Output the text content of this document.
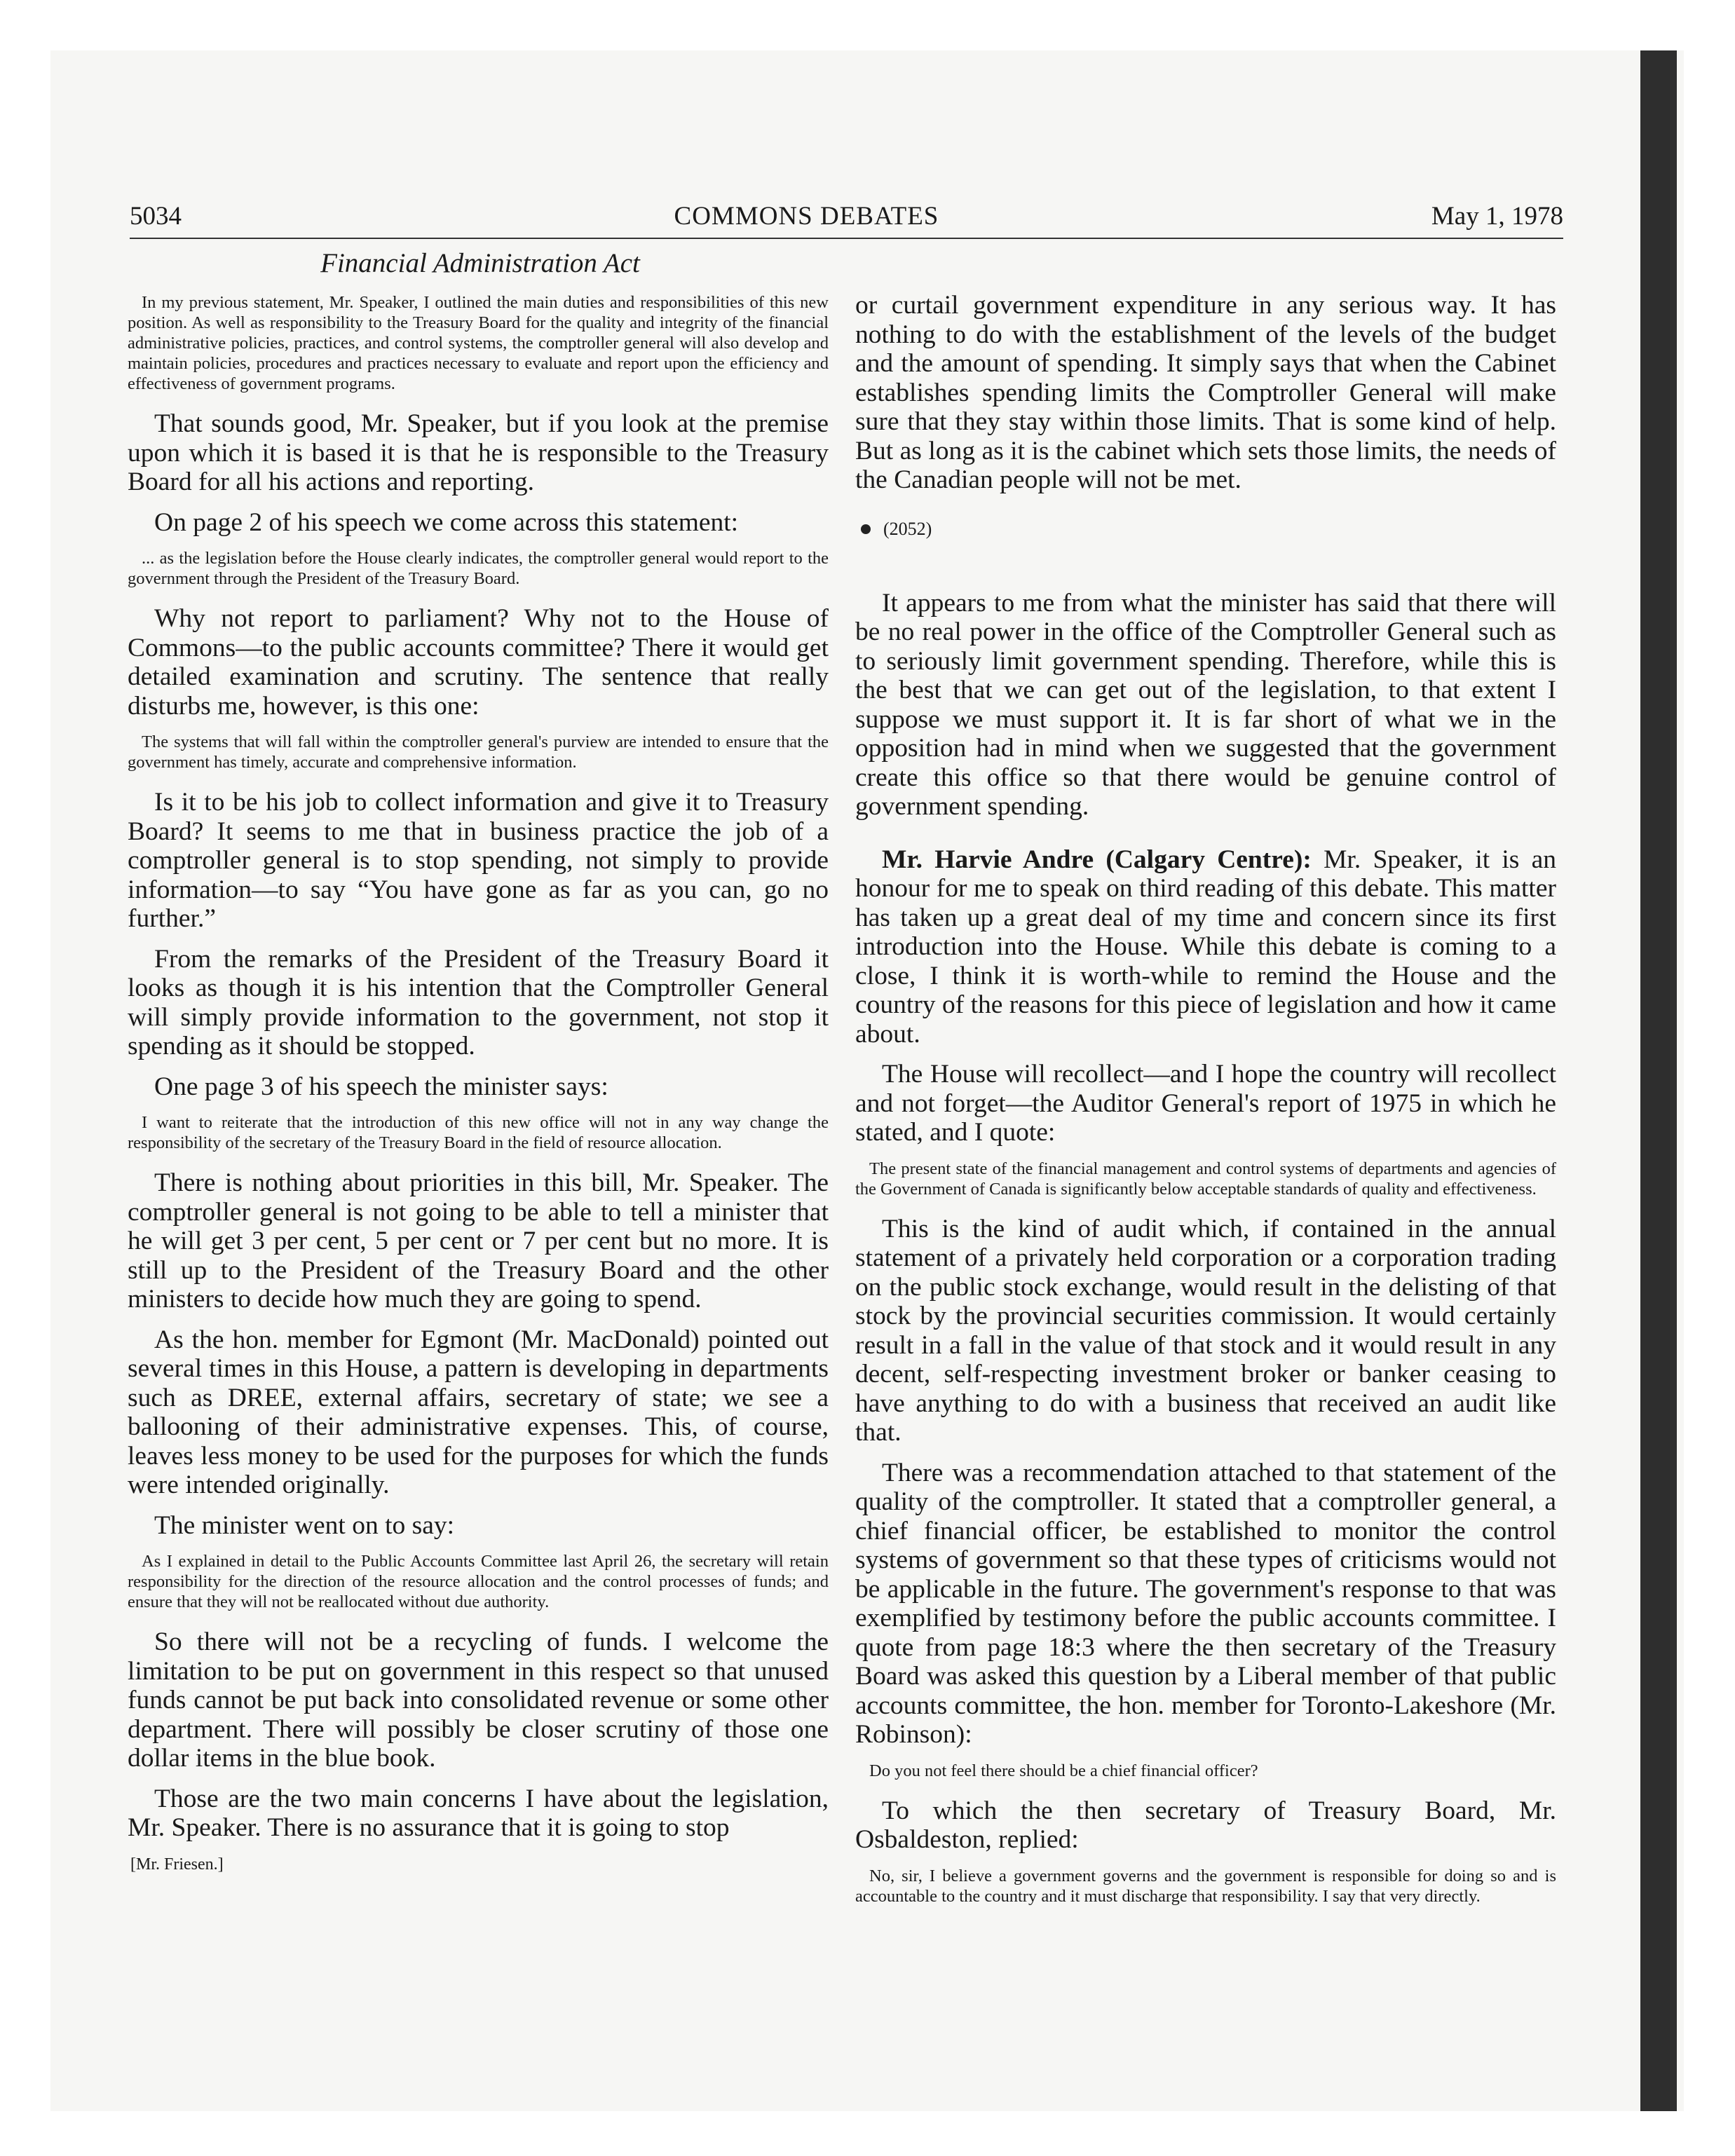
5034	COMMONS DEBATES	May 1, 1978
Financial Administration Act

In my previous statement, Mr. Speaker, I outlined the main duties and responsibilities of this new position. As well as responsibility to the Treasury Board for the quality and integrity of the financial administrative policies, practices, and control systems, the comptroller general will also develop and maintain policies, procedures and practices necessary to evaluate and report upon the efficiency and effectiveness of government programs.

That sounds good, Mr. Speaker, but if you look at the premise upon which it is based it is that he is responsible to the Treasury Board for all his actions and reporting.

On page 2 of his speech we come across this statement:

... as the legislation before the House clearly indicates, the comptroller general would report to the government through the President of the Treasury Board.

Why not report to parliament? Why not to the House of Commons—to the public accounts committee? There it would get detailed examination and scrutiny. The sentence that really disturbs me, however, is this one:

The systems that will fall within the comptroller general's purview are intended to ensure that the government has timely, accurate and comprehensive information.

Is it to be his job to collect information and give it to Treasury Board? It seems to me that in business practice the job of a comptroller general is to stop spending, not simply to provide information—to say “You have gone as far as you can, go no further.”

From the remarks of the President of the Treasury Board it looks as though it is his intention that the Comptroller General will simply provide information to the government, not stop it spending as it should be stopped.

One page 3 of his speech the minister says:

I want to reiterate that the introduction of this new office will not in any way change the responsibility of the secretary of the Treasury Board in the field of resource allocation.

There is nothing about priorities in this bill, Mr. Speaker. The comptroller general is not going to be able to tell a minister that he will get 3 per cent, 5 per cent or 7 per cent but no more. It is still up to the President of the Treasury Board and the other ministers to decide how much they are going to spend.

As the hon. member for Egmont (Mr. MacDonald) pointed out several times in this House, a pattern is developing in departments such as DREE, external affairs, secretary of state; we see a ballooning of their administrative expenses. This, of course, leaves less money to be used for the purposes for which the funds were intended originally.

The minister went on to say:

As I explained in detail to the Public Accounts Committee last April 26, the secretary will retain responsibility for the direction of the resource allocation and the control processes of funds; and ensure that they will not be reallocated without due authority.

So there will not be a recycling of funds. I welcome the limitation to be put on government in this respect so that unused funds cannot be put back into consolidated revenue or some other department. There will possibly be closer scrutiny of those one dollar items in the blue book.

Those are the two main concerns I have about the legislation, Mr. Speaker. There is no assurance that it is going to stop

[Mr. Friesen.]

or curtail government expenditure in any serious way. It has nothing to do with the establishment of the levels of the budget and the amount of spending. It simply says that when the Cabinet establishes spending limits the Comptroller General will make sure that they stay within those limits. That is some kind of help. But as long as it is the cabinet which sets those limits, the needs of the Canadian people will not be met.

(2052)

It appears to me from what the minister has said that there will be no real power in the office of the Comptroller General such as to seriously limit government spending. Therefore, while this is the best that we can get out of the legislation, to that extent I suppose we must support it. It is far short of what we in the opposition had in mind when we suggested that the government create this office so that there would be genuine control of government spending.

Mr. Harvie Andre (Calgary Centre): Mr. Speaker, it is an honour for me to speak on third reading of this debate. This matter has taken up a great deal of my time and concern since its first introduction into the House. While this debate is coming to a close, I think it is worth-while to remind the House and the country of the reasons for this piece of legislation and how it came about.

The House will recollect—and I hope the country will recollect and not forget—the Auditor General's report of 1975 in which he stated, and I quote:

The present state of the financial management and control systems of departments and agencies of the Government of Canada is significantly below acceptable standards of quality and effectiveness.

This is the kind of audit which, if contained in the annual statement of a privately held corporation or a corporation trading on the public stock exchange, would result in the delisting of that stock by the provincial securities commission. It would certainly result in a fall in the value of that stock and it would result in any decent, self-respecting investment broker or banker ceasing to have anything to do with a business that received an audit like that.

There was a recommendation attached to that statement of the quality of the comptroller. It stated that a comptroller general, a chief financial officer, be established to monitor the control systems of government so that these types of criticisms would not be applicable in the future. The government's response to that was exemplified by testimony before the public accounts committee. I quote from page 18:3 where the then secretary of the Treasury Board was asked this question by a Liberal member of that public accounts committee, the hon. member for Toronto-Lakeshore (Mr. Robinson):

Do you not feel there should be a chief financial officer?

To which the then secretary of Treasury Board, Mr. Osbaldeston, replied:

No, sir, I believe a government governs and the government is responsible for doing so and is accountable to the country and it must discharge that responsibility. I say that very directly.
